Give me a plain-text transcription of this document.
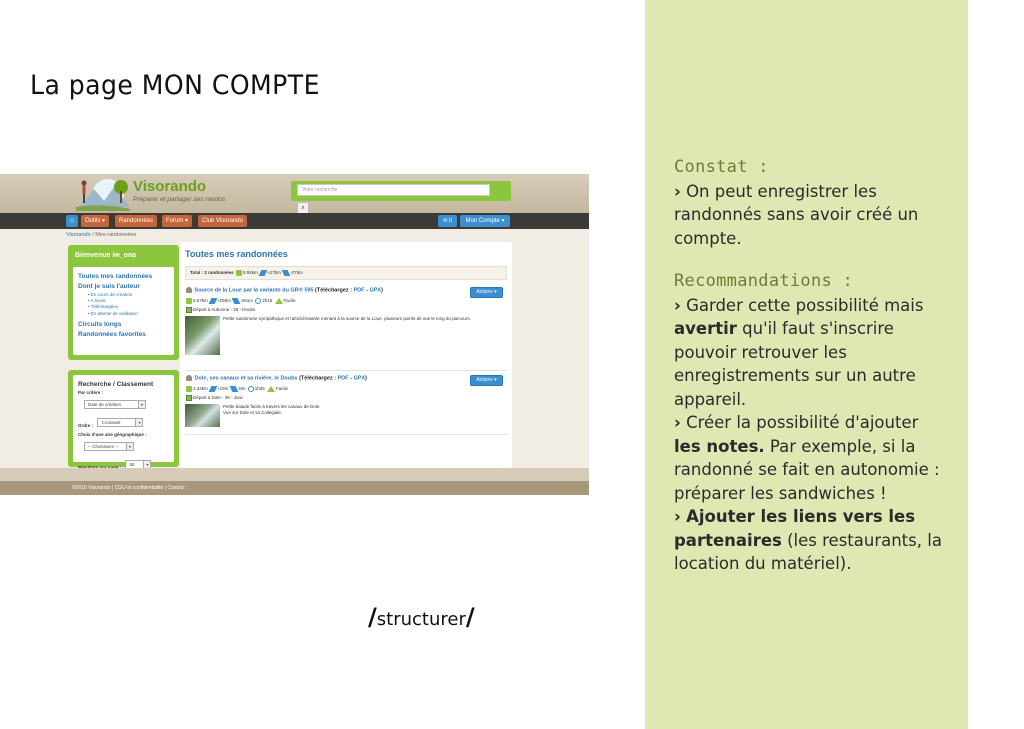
La page MON COMPTE
Visorando
Préparer et partager ses randos
Votre recherche ⌕
⌂	Outils ▾	Randonnées	Forum ▾	Club Visorando	✉ 0	Mon Compte ▾
Visorando / Mes randonnées
Bienvenue iw_ona
Toutes mes randonnées
Dont je suis l'auteur
• En cours de création
• A revoir
• Téléchargées
• En attente de validation
Circuits longs
Randonnées favorites
Recherche / Classement
Par critère :
Date de création ▾
Ordre : Croissant ▾
Choix d'une aire géographique :
-- Choisissez -- ▾
50 ▾
Toutes mes randonnées
Total : 2 randonnées 8.92km +275m -275m
Source de la Loue par la variante du GR® 595 (Téléchargez : PDF - GPX)	Actions ▾
5.67km +256m -261m 2h15	Facile
Départ à Aubonne - 25 - Doubs
Petite randonnée sympathique et rafraîchissante menant à la source de la Loue, plusieurs points de vue le long du parcours.
Dole, ses canaux et sa rivière, le Doubs (Téléchargez : PDF - GPX)	Actions ▾
3.34km +19m -8m 1h05	Facile
Départ à Dole - 39 - Jura
Petite balade facile à travers les canaux de Dole.
Vue sur Dole et sa Collégiale.
©2015 Visorando | CGU et confidentialité | Contact
/structurer/
Constat :
› On peut enregistrer les randonnés sans avoir créé un compte.
Recommandations :
› Garder cette possibilité mais avertir qu'il faut s'inscrire pouvoir retrouver les enregistrements sur un autre appareil.
› Créer la possibilité d'ajouter les notes. Par exemple, si la randonné se fait en autonomie : préparer les sandwiches !
› Ajouter les liens vers les partenaires (les restaurants, la location du matériel).
